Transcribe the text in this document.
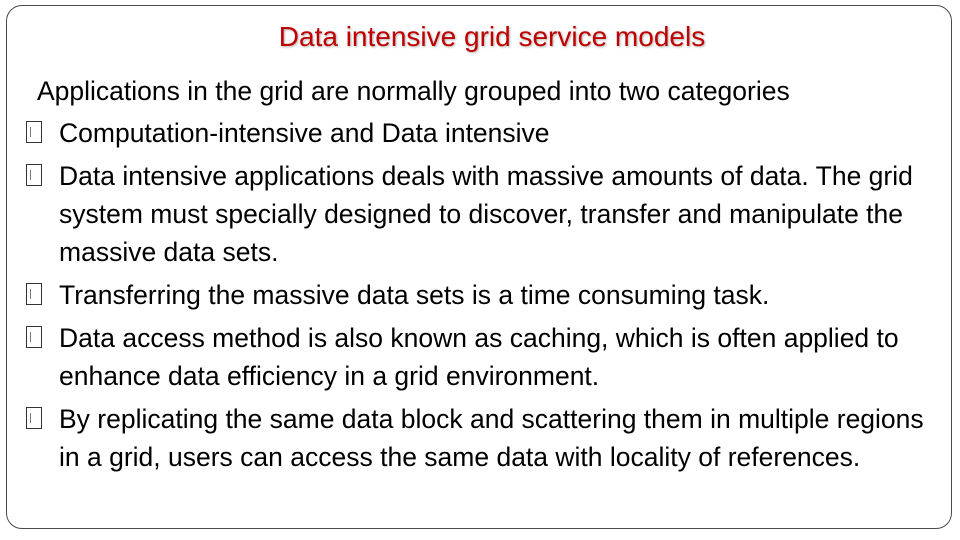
Data intensive grid service models

Applications in the grid are normally grouped into two categories

Computation-intensive and Data intensive
Data intensive applications deals with massive amounts of data. The grid system must specially designed to discover, transfer and manipulate the massive data sets.
Transferring the massive data sets is a time consuming task.
Data access method is also known as caching, which is often applied to enhance data efficiency in a grid environment.
By replicating the same data block and scattering them in multiple regions in a grid, users can access the same data with locality of references.
